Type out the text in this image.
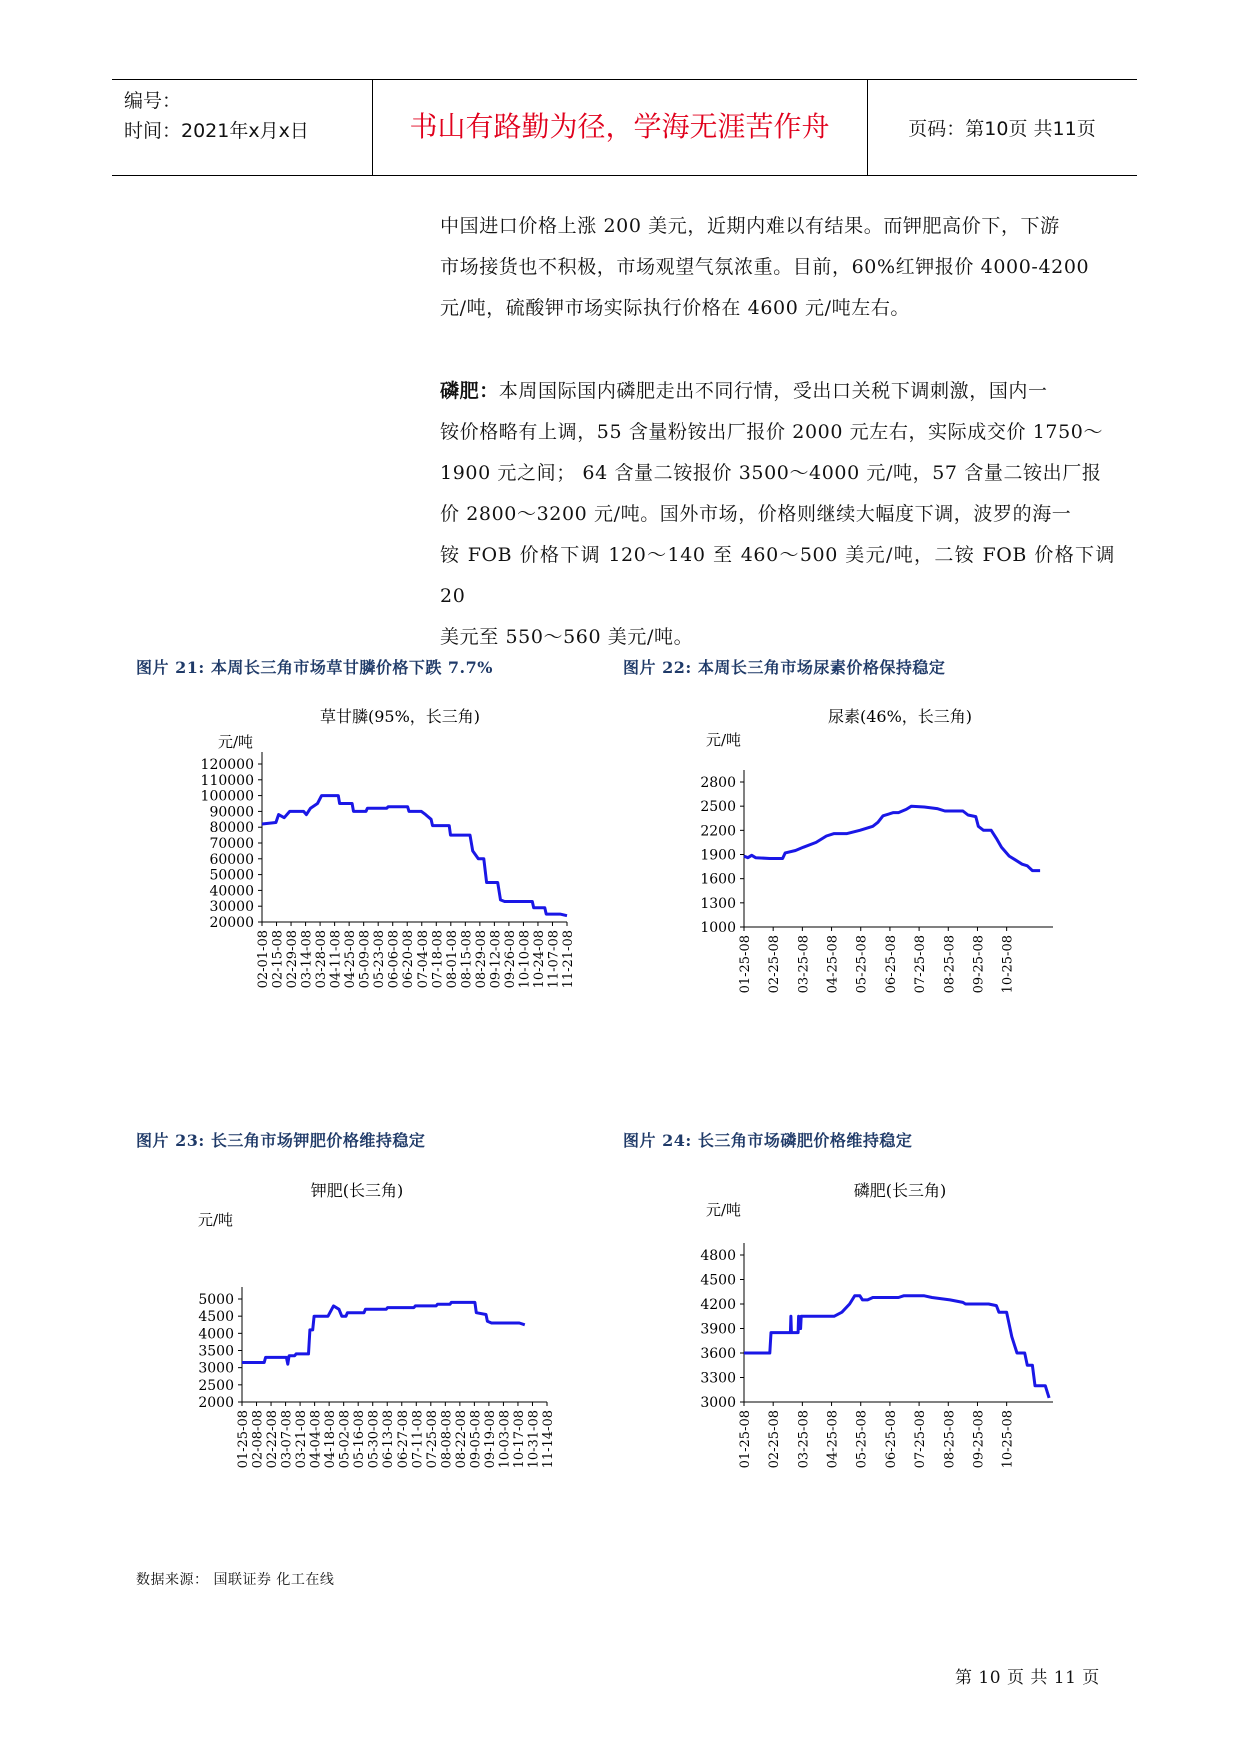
编号：
时间：2021年x月x日	书山有路勤为径，学海无涯苦作舟	页码：第10页 共11页
中国进口价格上涨 200 美元，近期内难以有结果。而钾肥高价下，下游
市场接货也不积极，市场观望气氛浓重。目前，60%红钾报价 4000-4200
元/吨，硫酸钾市场实际执行价格在 4600 元/吨左右。
磷肥：本周国际国内磷肥走出不同行情，受出口关税下调刺激，国内一
铵价格略有上调，55 含量粉铵出厂报价 2000 元左右，实际成交价 1750～
1900 元之间； 64 含量二铵报价 3500～4000 元/吨，57 含量二铵出厂报
价 2800～3200 元/吨。国外市场，价格则继续大幅度下调，波罗的海一
铵 FOB 价格下调 120～140 至 460～500 美元/吨，二铵 FOB 价格下调 20
美元至 550～560 美元/吨。
图片 21: 本周长三角市场草甘膦价格下跌 7.7%	图片 22: 本周长三角市场尿素价格保持稳定
图片 23: 长三角市场钾肥价格维持稳定	图片 24: 长三角市场磷肥价格维持稳定
草甘膦(95%，长三角)
元/吨
20000
30000
40000
50000
60000
70000
80000
90000
100000
110000
120000
02-01-08 02-15-08 02-29-08 03-14-08 03-28-08 04-11-08 04-25-08 05-09-08 05-23-08 06-06-08 06-20-08 07-04-08 07-18-08 08-01-08 08-15-08 08-29-08 09-12-08 09-26-08 10-10-08 10-24-08 11-07-08 11-21-08
尿素(46%，长三角)
元/吨
1000
1300
1600
1900
2200
2500
2800
01-25-08 02-25-08 03-25-08 04-25-08 05-25-08 06-25-08 07-25-08 08-25-08 09-25-08 10-25-08
钾肥(长三角)
元/吨
2000
2500
3000
3500
4000
4500
5000
01-25-08 02-08-08 02-22-08 03-07-08 03-21-08 04-04-08 04-18-08 05-02-08 05-16-08 05-30-08 06-13-08 06-27-08 07-11-08 07-25-08 08-08-08 08-22-08 09-05-08 09-19-08 10-03-08 10-17-08 10-31-08 11-14-08
磷肥(长三角)
元/吨
3000
3300
3600
3900
4200
4500
4800
01-25-08 02-25-08 03-25-08 04-25-08 05-25-08 06-25-08 07-25-08 08-25-08 09-25-08 10-25-08
数据来源： 国联证券 化工在线
第 10 页 共 11 页
